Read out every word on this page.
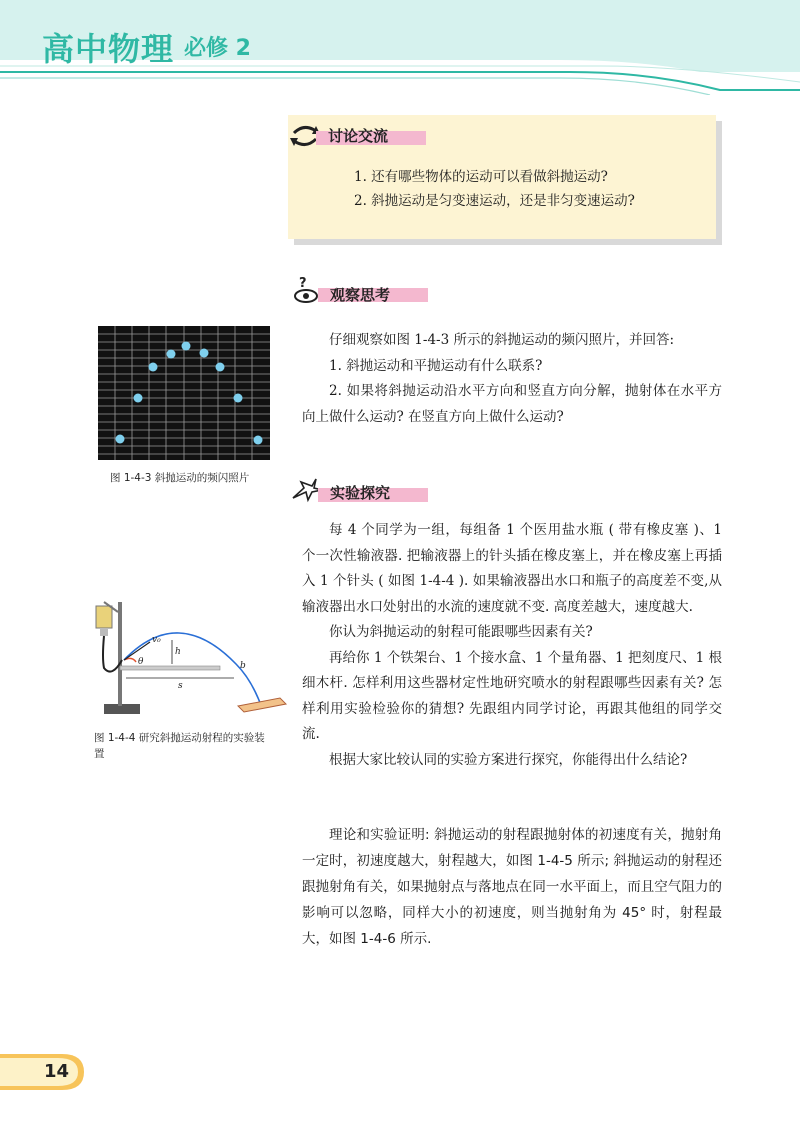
高中物理 必修 2
讨论交流
1. 还有哪些物体的运动可以看做斜抛运动?
2. 斜抛运动是匀变速运动，还是非匀变速运动?
?
观察思考
图 1-4-3 斜抛运动的频闪照片

仔细观察如图 1-4-3 所示的斜抛运动的频闪照片，并回答:

1. 斜抛运动和平抛运动有什么联系?

2. 如果将斜抛运动沿水平方向和竖直方向分解，抛射体在水平方向上做什么运动? 在竖直方向上做什么运动?

实验探究

每 4 个同学为一组，每组备 1 个医用盐水瓶 ( 带有橡皮塞 )、1 个一次性输液器. 把输液器上的针头插在橡皮塞上，并在橡皮塞上再插入 1 个针头 ( 如图 1-4-4 ). 如果输液器出水口和瓶子的高度差不变,从输液器出水口处射出的水流的速度就不变. 高度差越大，速度越大.

你认为斜抛运动的射程可能跟哪些因素有关?

再给你 1 个铁架台、1 个接水盒、1 个量角器、1 把刻度尺、1 根细木杆. 怎样利用这些器材定性地研究喷水的射程跟哪些因素有关? 怎样利用实验检验你的猜想? 先跟组内同学讨论，再跟其他组的同学交流.

根据大家比较认同的实验方案进行探究，你能得出什么结论?

v₀
h
θ	b
s
图 1-4-4 研究斜抛运动射程的实验装置

理论和实验证明: 斜抛运动的射程跟抛射体的初速度有关，抛射角一定时，初速度越大，射程越大，如图 1-4-5 所示; 斜抛运动的射程还跟抛射角有关，如果抛射点与落地点在同一水平面上，而且空气阻力的影响可以忽略，同样大小的初速度，则当抛射角为 45° 时，射程最大，如图 1-4-6 所示.

14
